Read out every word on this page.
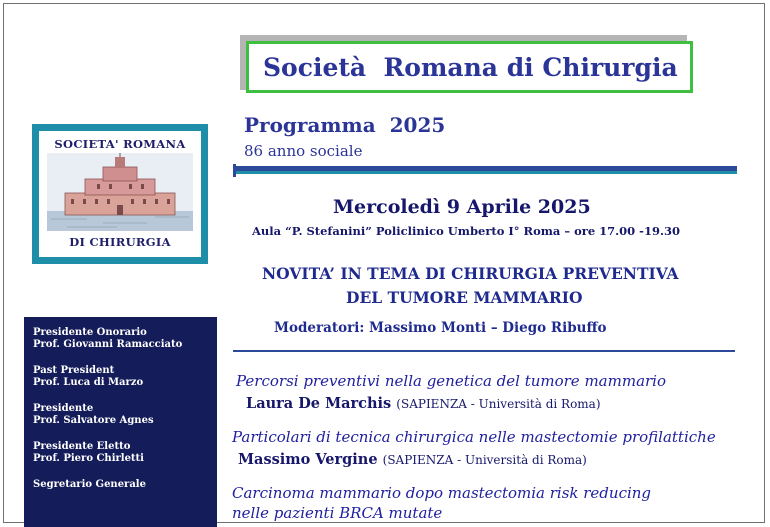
Società  Romana di Chirurgia
SOCIETA' ROMANA
DI CHIRURGIA
Programma  2025
86 anno sociale
Mercoledì 9 Aprile 2025
Aula “P. Stefanini” Policlinico Umberto I° Roma – ore 17.00 -19.30
NOVITA’ IN TEMA DI CHIRURGIA PREVENTIVA
DEL TUMORE MAMMARIO
Moderatori: Massimo Monti – Diego Ribuffo
Percorsi preventivi nella genetica del tumore mammario
Laura De Marchis (SAPIENZA - Università di Roma)
Particolari di tecnica chirurgica nelle mastectomie profilattiche
Massimo Vergine (SAPIENZA - Università di Roma)
Carcinoma mammario dopo mastectomia risk reducing
nelle pazienti BRCA mutate
Presidente Onorario
Prof. Giovanni Ramacciato
Past President
Prof. Luca di Marzo
Presidente
Prof. Salvatore Agnes
Presidente Eletto
Prof. Piero Chirletti
Segretario Generale
